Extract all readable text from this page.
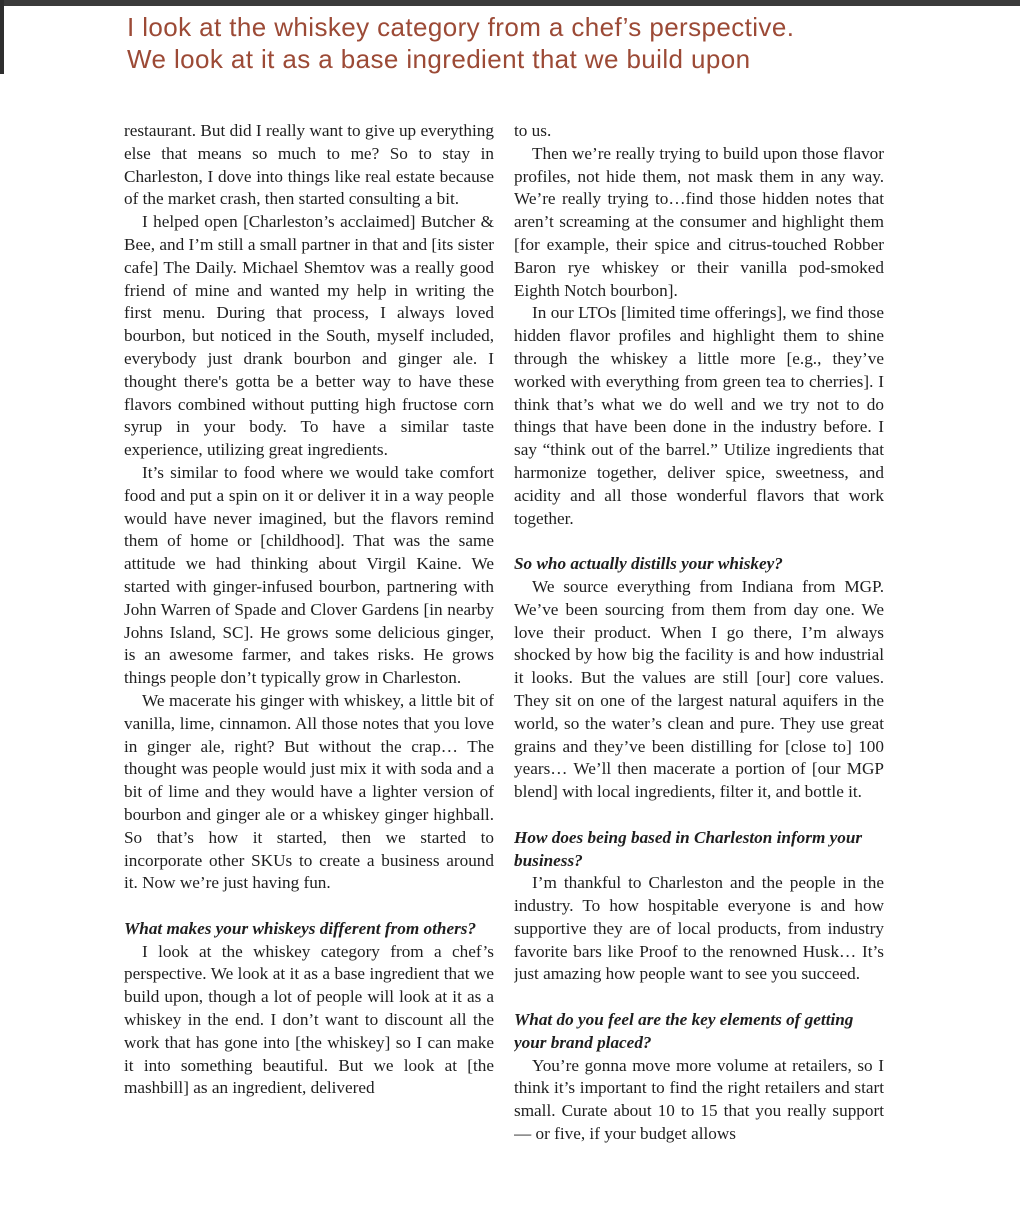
I look at the whiskey category from a chef’s perspective.
We look at it as a base ingredient that we build upon

restaurant. But did I really want to give up everything else that means so much to me? So to stay in Charleston, I dove into things like real estate because of the market crash, then started consulting a bit.

I helped open [Charleston’s acclaimed] Butcher & Bee, and I’m still a small partner in that and [its sister cafe] The Daily. Michael Shemtov was a really good friend of mine and wanted my help in writing the first menu. During that process, I always loved bourbon, but noticed in the South, myself included, everybody just drank bourbon and ginger ale. I thought there's gotta be a better way to have these flavors combined without putting high fructose corn syrup in your body. To have a similar taste experience, utilizing great ingredients.

It’s similar to food where we would take comfort food and put a spin on it or deliver it in a way people would have never imagined, but the flavors remind them of home or [childhood]. That was the same attitude we had thinking about Virgil Kaine. We started with ginger-infused bourbon, partnering with John Warren of Spade and Clover Gardens [in nearby Johns Island, SC]. He grows some delicious ginger, is an awesome farmer, and takes risks. He grows things people don’t typically grow in Charleston.

We macerate his ginger with whiskey, a little bit of vanilla, lime, cinnamon. All those notes that you love in ginger ale, right? But without the crap… The thought was people would just mix it with soda and a bit of lime and they would have a lighter version of bourbon and ginger ale or a whiskey ginger highball. So that’s how it started, then we started to incorporate other SKUs to create a business around it. Now we’re just having fun.

What makes your whiskeys different from others?

I look at the whiskey category from a chef’s perspective. We look at it as a base ingredient that we build upon, though a lot of people will look at it as a whiskey in the end. I don’t want to discount all the work that has gone into [the whiskey] so I can make it into something beautiful. But we look at [the mashbill] as an ingredient, delivered

to us.

Then we’re really trying to build upon those flavor profiles, not hide them, not mask them in any way. We’re really trying to…find those hidden notes that aren’t screaming at the consumer and highlight them [for example, their spice and citrus-touched Robber Baron rye whiskey or their vanilla pod-smoked Eighth Notch bourbon].

In our LTOs [limited time offerings], we find those hidden flavor profiles and highlight them to shine through the whiskey a little more [e.g., they’ve worked with everything from green tea to cherries]. I think that’s what we do well and we try not to do things that have been done in the industry before. I say “think out of the barrel.” Utilize ingredients that harmonize together, deliver spice, sweetness, and acidity and all those wonderful flavors that work together.

So who actually distills your whiskey?

We source everything from Indiana from MGP. We’ve been sourcing from them from day one. We love their product. When I go there, I’m always shocked by how big the facility is and how industrial it looks. But the values are still [our] core values. They sit on one of the largest natural aquifers in the world, so the water’s clean and pure. They use great grains and they’ve been distilling for [close to] 100 years… We’ll then macerate a portion of [our MGP blend] with local ingredients, filter it, and bottle it.

How does being based in Charleston inform your business?

I’m thankful to Charleston and the people in the industry. To how hospitable everyone is and how supportive they are of local products, from industry favorite bars like Proof to the renowned Husk… It’s just amazing how people want to see you succeed.

What do you feel are the key elements of getting your brand placed?

You’re gonna move more volume at retailers, so I think it’s important to find the right retailers and start small. Curate about 10 to 15 that you really support — or five, if your budget allows
